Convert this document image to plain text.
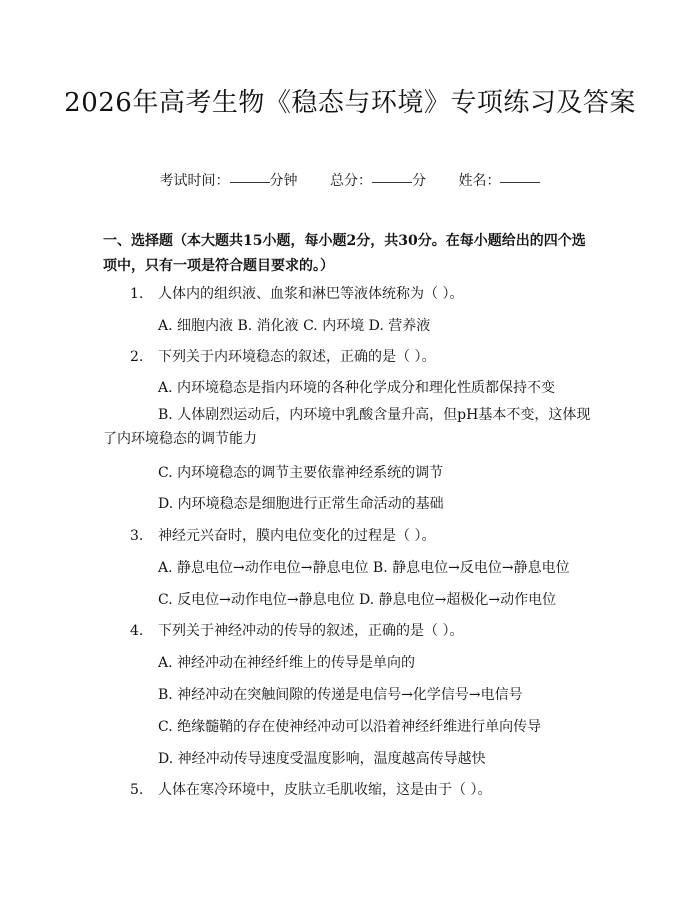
2026年高考生物《稳态与环境》专项练习及答案
考试时间：	分钟 总分：	分 姓名：
一、选择题（本大题共15小题，每小题2分，共30分。在每小题给出的四个选项中，只有一项是符合题目要求的。）
1. 人体内的组织液、血浆和淋巴等液体统称为（ ）。
A. 细胞内液 B. 消化液 C. 内环境 D. 营养液
2. 下列关于内环境稳态的叙述，正确的是（ ）。
A. 内环境稳态是指内环境的各种化学成分和理化性质都保持不变
B. 人体剧烈运动后，内环境中乳酸含量升高，但pH基本不变，这体现了内环境稳态的调节能力
C. 内环境稳态的调节主要依靠神经系统的调节
D. 内环境稳态是细胞进行正常生命活动的基础
3. 神经元兴奋时，膜内电位变化的过程是（ ）。
A. 静息电位→动作电位→静息电位 B. 静息电位→反电位→静息电位
C. 反电位→动作电位→静息电位 D. 静息电位→超极化→动作电位
4. 下列关于神经冲动的传导的叙述，正确的是（ ）。
A. 神经冲动在神经纤维上的传导是单向的
B. 神经冲动在突触间隙的传递是电信号→化学信号→电信号
C. 绝缘髓鞘的存在使神经冲动可以沿着神经纤维进行单向传导
D. 神经冲动传导速度受温度影响，温度越高传导越快
5. 人体在寒冷环境中，皮肤立毛肌收缩，这是由于（ ）。
